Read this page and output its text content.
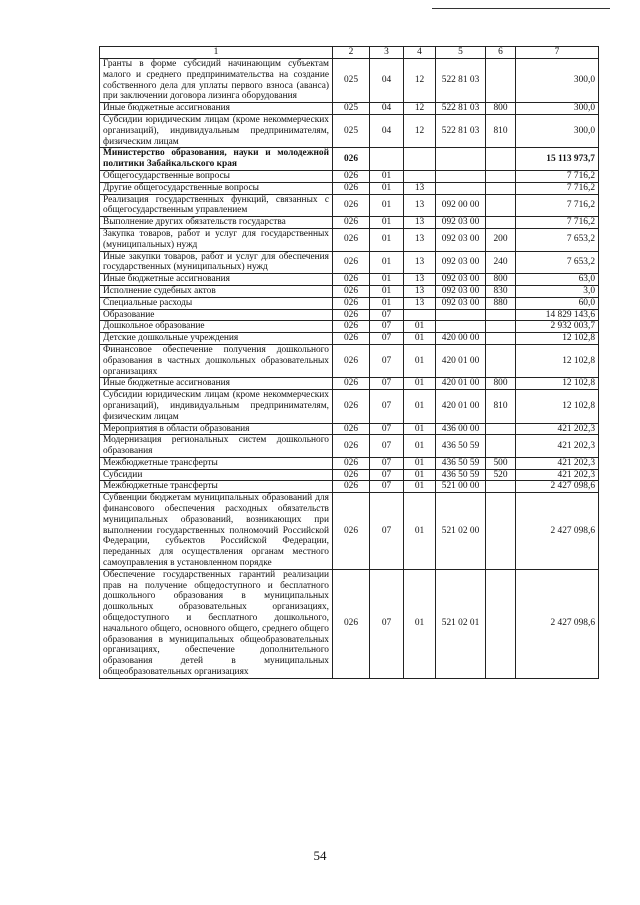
1	2	3	4	5	6	7
Гранты в форме субсидий начинающим субъектам малого и среднего предпринимательства на создание собственного дела для уплаты первого взноса (аванса) при заключении договора лизинга оборудования	025	04	12	522 81 03		300,0
Иные бюджетные ассигнования	025	04	12	522 81 03	800	300,0
Субсидии юридическим лицам (кроме некоммерческих организаций), индивидуальным предпринимателям, физическим лицам	025	04	12	522 81 03	810	300,0
Министерство образования, науки и молодежной политики Забайкальского края	026					15 113 973,7
Общегосударственные вопросы	026	01				7 716,2
Другие общегосударственные вопросы	026	01	13			7 716,2
Реализация государственных функций, связанных с общегосударственным управлением	026	01	13	092 00 00		7 716,2
Выполнение других обязательств государства	026	01	13	092 03 00		7 716,2
Закупка товаров, работ и услуг для государственных (муниципальных) нужд	026	01	13	092 03 00	200	7 653,2
Иные закупки товаров, работ и услуг для обеспечения государственных (муниципальных) нужд	026	01	13	092 03 00	240	7 653,2
Иные бюджетные ассигнования	026	01	13	092 03 00	800	63,0
Исполнение судебных актов	026	01	13	092 03 00	830	3,0
Специальные расходы	026	01	13	092 03 00	880	60,0
Образование	026	07				14 829 143,6
Дошкольное образование	026	07	01			2 932 003,7
Детские дошкольные учреждения	026	07	01	420 00 00		12 102,8
Финансовое обеспечение получения дошкольного образования в частных дошкольных образовательных организациях	026	07	01	420 01 00		12 102,8
Иные бюджетные ассигнования	026	07	01	420 01 00	800	12 102,8
Субсидии юридическим лицам (кроме некоммерческих организаций), индивидуальным предпринимателям, физическим лицам	026	07	01	420 01 00	810	12 102,8
Мероприятия в области образования	026	07	01	436 00 00		421 202,3
Модернизация региональных систем дошкольного образования	026	07	01	436 50 59		421 202,3
Межбюджетные трансферты	026	07	01	436 50 59	500	421 202,3
Субсидии	026	07	01	436 50 59	520	421 202,3
Межбюджетные трансферты	026	07	01	521 00 00		2 427 098,6
Субвенции бюджетам муниципальных образований для финансового обеспечения расходных обязательств муниципальных образований, возникающих при выполнении государственных полномочий Российской Федерации, субъектов Российской Федерации, переданных для осуществления органам местного самоуправления в установленном порядке	026	07	01	521 02 00		2 427 098,6
Обеспечение государственных гарантий реализации прав на получение общедоступного и бесплатного дошкольного образования в муниципальных дошкольных образовательных организациях, общедоступного и бесплатного дошкольного, начального общего, основного общего, среднего общего образования в муниципальных общеобразовательных организациях, обеспечение дополнительного образования детей в муниципальных общеобразовательных организациях	026	07	01	521 02 01		2 427 098,6
54
